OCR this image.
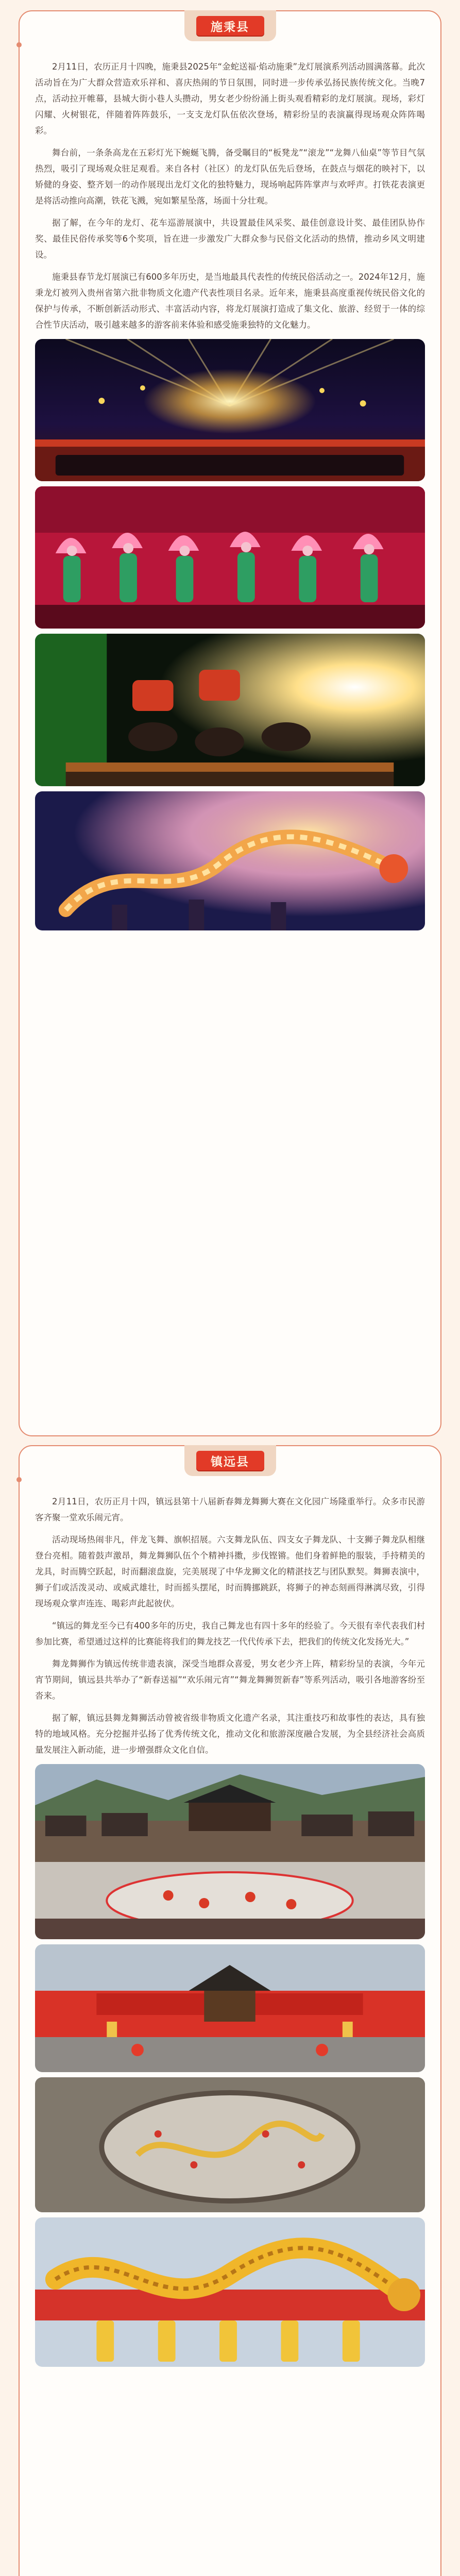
施秉县

2月11日，农历正月十四晚，施秉县2025年“金蛇送福·焰动施秉”龙灯展演系列活动圆满落幕。此次活动旨在为广大群众营造欢乐祥和、喜庆热闹的节日氛围，同时进一步传承弘扬民族传统文化。当晚7点，活动拉开帷幕，县城大街小巷人头攒动，男女老少纷纷涌上街头观看精彩的龙灯展演。现场，彩灯闪耀、火树银花，伴随着阵阵鼓乐，一支支龙灯队伍依次登场，精彩纷呈的表演赢得现场观众阵阵喝彩。

舞台前，一条条高龙在五彩灯光下蜿蜒飞腾，备受瞩目的“板凳龙”“滚龙”“龙舞八仙桌”等节目气氛热烈，吸引了现场观众驻足观看。来自各村（社区）的龙灯队伍先后登场，在鼓点与烟花的映衬下，以矫健的身姿、整齐划一的动作展现出龙灯文化的独特魅力，现场响起阵阵掌声与欢呼声。打铁花表演更是将活动推向高潮，铁花飞溅，宛如繁星坠落，场面十分壮观。

据了解，在今年的龙灯、花车巡游展演中，共设置最佳风采奖、最佳创意设计奖、最佳团队协作奖、最佳民俗传承奖等6个奖项，旨在进一步激发广大群众参与民俗文化活动的热情，推动乡风文明建设。

施秉县春节龙灯展演已有600多年历史，是当地最具代表性的传统民俗活动之一。2024年12月，施秉龙灯被列入贵州省第六批非物质文化遗产代表性项目名录。近年来，施秉县高度重视传统民俗文化的保护与传承，不断创新活动形式、丰富活动内容，将龙灯展演打造成了集文化、旅游、经贸于一体的综合性节庆活动，吸引越来越多的游客前来体验和感受施秉独特的文化魅力。

镇远县

2月11日，农历正月十四，镇远县第十八届新春舞龙舞狮大赛在文化园广场隆重举行。众多市民游客齐聚一堂欢乐闹元宵。

活动现场热闹非凡，伴龙飞舞、旗帜招展。六支舞龙队伍、四支女子舞龙队、十支狮子舞龙队相继登台亮相。随着鼓声激昂，舞龙舞狮队伍个个精神抖擞，步伐铿锵。他们身着鲜艳的服装，手持精美的龙具，时而腾空跃起，时而翻滚盘旋，完美展现了中华龙狮文化的精湛技艺与团队默契。舞狮表演中，狮子们或活泼灵动、或威武雄壮，时而摇头摆尾，时而腾挪跳跃，将狮子的神态刻画得淋漓尽致，引得现场观众掌声连连、喝彩声此起彼伏。

“镇远的舞龙至今已有400多年的历史，我自己舞龙也有四十多年的经验了。今天很有幸代表我们村参加比赛，希望通过这样的比赛能将我们的舞龙技艺一代代传承下去，把我们的传统文化发扬光大。”

舞龙舞狮作为镇远传统非遗表演，深受当地群众喜爱，男女老少齐上阵，精彩纷呈的表演，今年元宵节期间，镇远县共举办了“新春送福”“欢乐闹元宵”“舞龙舞狮贺新春”等系列活动，吸引各地游客纷至沓来。

据了解，镇远县舞龙舞狮活动曾被省级非物质文化遗产名录，其注重技巧和故事性的表达，具有独特的地域风格。充分挖掘并弘扬了优秀传统文化，推动文化和旅游深度融合发展，为全县经济社会高质量发展注入新动能，进一步增强群众文化自信。
